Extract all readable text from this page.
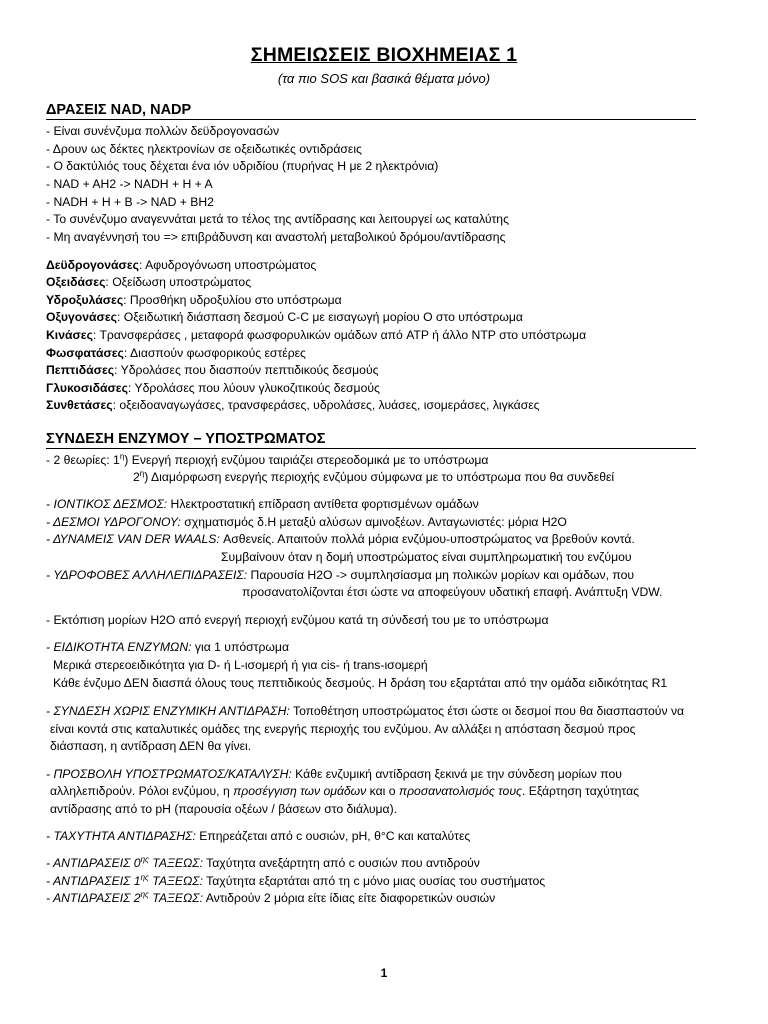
ΣΗΜΕΙΩΣΕΙΣ ΒΙΟΧΗΜΕΙΑΣ 1
(τα πιο SOS και βασικά θέματα μόνο)
ΔΡΑΣΕΙΣ NAD, NADP
- Είναι συνένζυμα πολλών δεϋδρογονασών
- Δρουν ως δέκτες ηλεκτρονίων σε οξειδωτικές οντιδράσεις
- Ο δακτύλιός τους δέχεται ένα ιόν υδριδίου (πυρήνας Η με 2 ηλεκτρόνια)
- NAD + AH2 -> NADH + H + A
- NADH + H + B -> NAD + BH2
- Το συνένζυμο αναγεννάται μετά το τέλος της αντίδρασης και λειτουργεί ως καταλύτης
- Μη αναγέννησή του => επιβράδυνση και αναστολή μεταβολικού δρόμου/αντίδρασης
Δεϋδρογονάσες: Αφυδρογόνωση υποστρώματος
Οξειδάσες: Οξείδωση υποστρώματος
Υδροξυλάσες: Προσθήκη υδροξυλίου στο υπόστρωμα
Οξυγονάσες: Οξειδωτική διάσπαση δεσμού C-C με εισαγωγή μορίου Ο στο υπόστρωμα
Κινάσες: Τρανσφεράσες , μεταφορά φωσφορυλικών ομάδων από ATP ή άλλο NTP στο υπόστρωμα
Φωσφατάσες: Διασπούν φωσφορικούς εστέρες
Πεπτιδάσες: Υδρολάσες που διασπούν πεπτιδικούς δεσμούς
Γλυκοσιδάσες: Υδρολάσες που λύουν γλυκοζιτικούς δεσμούς
Συνθετάσες: οξειδοαναγωγάσες, τρανσφεράσες, υδρολάσες, λυάσες, ισομεράσες, λιγκάσες
ΣΥΝΔΕΣΗ ΕΝΖΥΜΟΥ – ΥΠΟΣΤΡΩΜΑΤΟΣ
- 2 θεωρίες: $1^\eta$) Ενεργή περιοχή ενζύμου ταιριάζει στερεοδομικά με το υπόστρωμα
$2^\eta$) Διαμόρφωση ενεργής περιοχής ενζύμου σύμφωνα με το υπόστρωμα που θα συνδεθεί
- ΙΟΝΤΙΚΟΣ ΔΕΣΜΟΣ: Ηλεκτροστατική επίδραση αντίθετα φορτισμένων ομάδων
- ΔΕΣΜΟΙ ΥΔΡΟΓΟΝΟΥ: σχηματισμός δ.Η μεταξύ αλύσων αμινοξέων. Ανταγωνιστές: μόρια H2O
- ΔΥΝΑΜΕΙΣ VAN DER WAALS: Ασθενείς. Απαιτούν πολλά μόρια ενζύμου-υποστρώματος να βρεθούν κοντά.
Συμβαίνουν όταν η δομή υποστρώματος είναι συμπληρωματική του ενζύμου
- ΥΔΡΟΦΟΒΕΣ ΑΛΛΗΛΕΠΙΔΡΑΣΕΙΣ: Παρουσία H2O -> συμπλησίασμα μη πολικών μορίων και ομάδων, που
προσανατολίζονται έτσι ώστε να αποφεύγουν υδατική επαφή. Ανάπτυξη VDW.
- Εκτόπιση μορίων H2O από ενεργή περιοχή ενζύμου κατά τη σύνδεσή του με το υπόστρωμα
- ΕΙΔΙΚΟΤΗΤΑ ΕΝΖΥΜΩΝ: για 1 υπόστρωμα
Μερικά στερεοειδικότητα για D- ή L-ισομερή ή για cis- ή trans-ισομερή
Κάθε ένζυμο ΔΕΝ διασπά όλους τους πεπτιδικούς δεσμούς. Η δράση του εξαρτάται από την ομάδα ειδικότητας R1
- ΣΥΝΔΕΣΗ ΧΩΡΙΣ ΕΝΖΥΜΙΚΗ ΑΝΤΙΔΡΑΣΗ: Τοποθέτηση υποστρώματος έτσι ώστε οι δεσμοί που θα διασπαστούν να
είναι κοντά στις καταλυτικές ομάδες της ενεργής περιοχής του ενζύμου. Αν αλλάξει η απόσταση δεσμού προς
διάσπαση, η αντίδραση ΔΕΝ θα γίνει.
- ΠΡΟΣΒΟΛΗ ΥΠΟΣΤΡΩΜΑΤΟΣ/ΚΑΤΑΛΥΣΗ: Κάθε ενζυμική αντίδραση ξεκινά με την σύνδεση μορίων που
αλληλεπιδρούν. Ρόλοι ενζύμου, η προσέγγιση των ομάδων και ο προσανατολισμός τους. Εξάρτηση ταχύτητας
αντίδρασης από το pH (παρουσία οξέων / βάσεων στο διάλυμα).
- ΤΑΧΥΤΗΤΑ ΑΝΤΙΔΡΑΣΗΣ: Επηρεάζεται από c ουσιών, pH, θ°C και καταλύτες
- ΑΝΤΙΔΡΑΣΕΙΣ $0^{\eta\varsigma}$ ΤΑΞΕΩΣ: Ταχύτητα ανεξάρτητη από c ουσιών που αντιδρούν
- ΑΝΤΙΔΡΑΣΕΙΣ $1^{\eta\varsigma}$ ΤΑΞΕΩΣ: Ταχύτητα εξαρτάται από τη c μόνο μιας ουσίας του συστήματος
- ΑΝΤΙΔΡΑΣΕΙΣ $2^{\eta\varsigma}$ ΤΑΞΕΩΣ: Αντιδρούν 2 μόρια είτε ίδιας είτε διαφορετικών ουσιών
1
